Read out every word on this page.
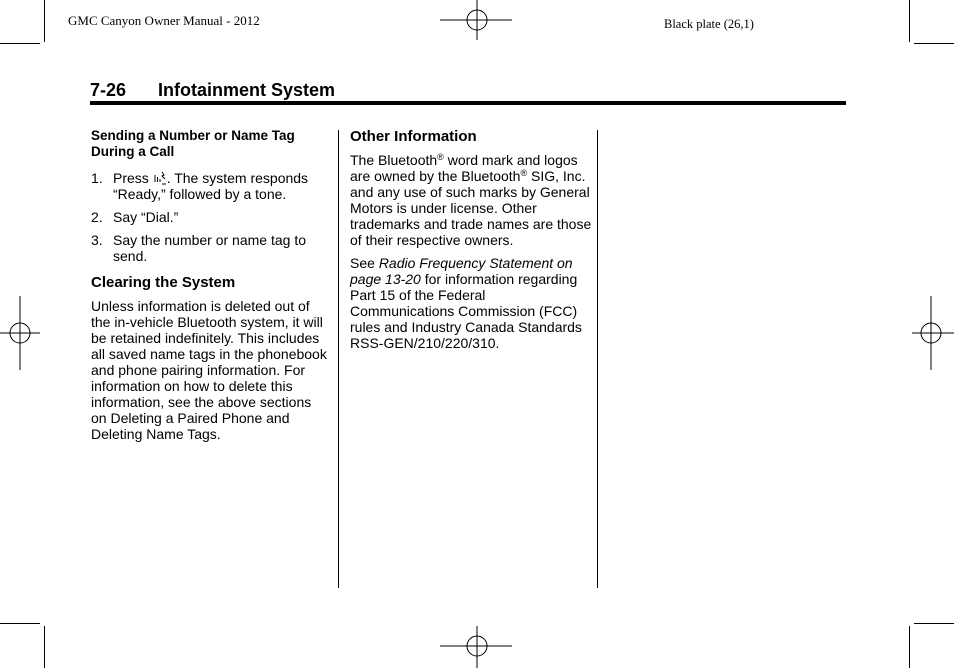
GMC Canyon Owner Manual - 2012	Black plate (26,1)
7-26 Infotainment System
Sending a Number or Name Tag During a Call
1. Press . The system responds “Ready,” followed by a tone.
2. Say “Dial.”
3. Say the number or name tag to send.
Clearing the System

Unless information is deleted out of the in-vehicle Bluetooth system, it will be retained indefinitely. This includes all saved name tags in the phonebook and phone pairing information. For information on how to delete this information, see the above sections on Deleting a Paired Phone and Deleting Name Tags.

Other Information

The Bluetooth® word mark and logos are owned by the Bluetooth® SIG, Inc. and any use of such marks by General Motors is under license. Other trademarks and trade names are those of their respective owners.

See Radio Frequency Statement on page 13-20 for information regarding Part 15 of the Federal Communications Commission (FCC) rules and Industry Canada Standards RSS-GEN/210/220/310.
